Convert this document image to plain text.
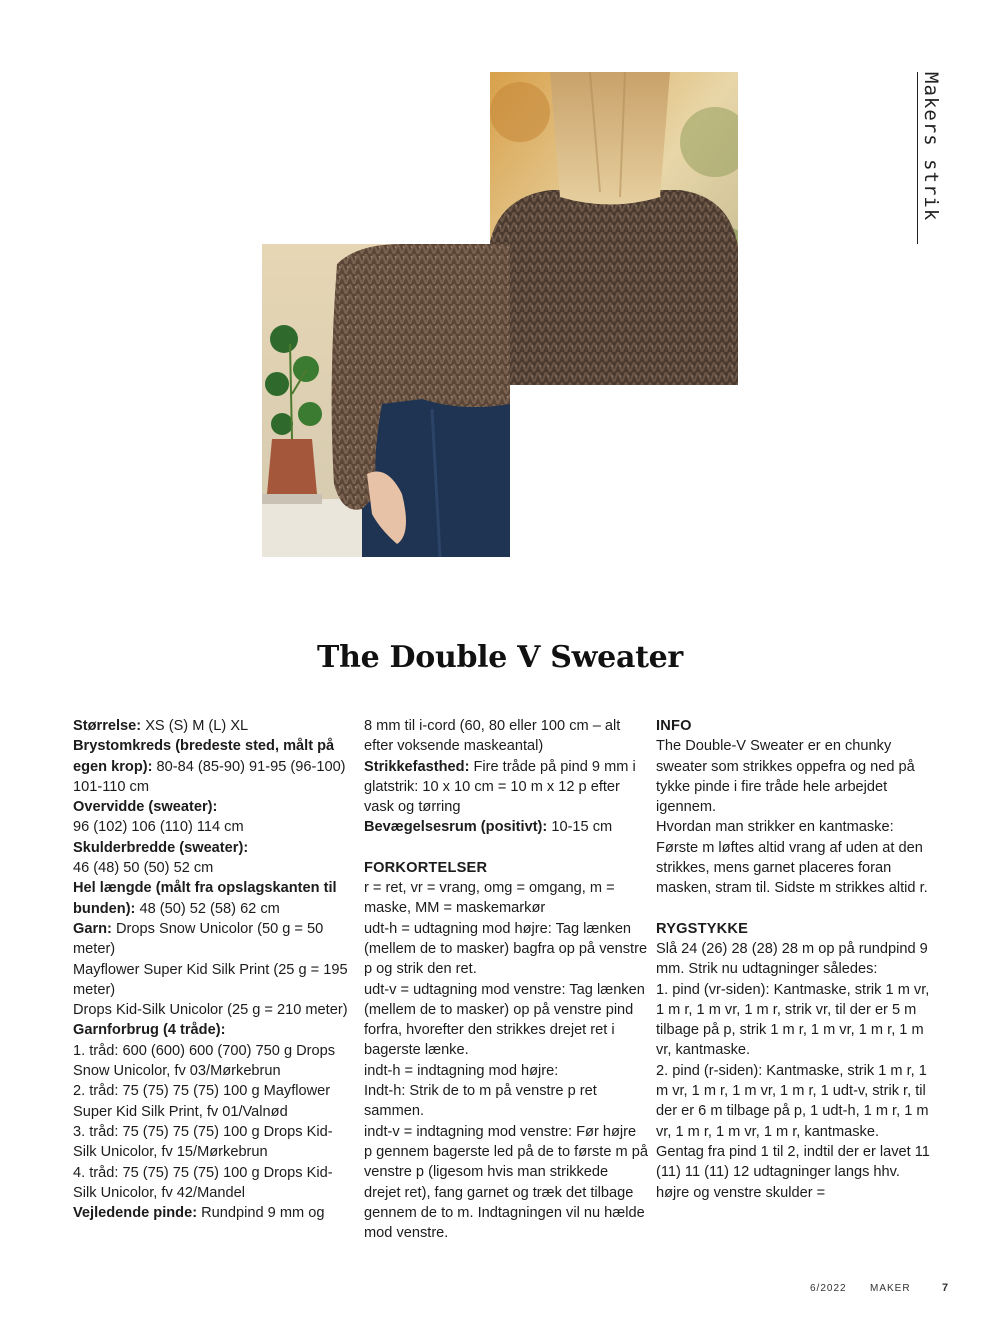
Makers strik
The Double V Sweater

Størrelse: XS (S) M (L) XL

Brystomkreds (bredeste sted, målt på egen krop): 80-84 (85-90) 91-95 (96-100) 101-110 cm

Overvidde (sweater):

96 (102) 106 (110) 114 cm

Skulderbredde (sweater):

46 (48) 50 (50) 52 cm

Hel længde (målt fra opslagskanten til bunden): 48 (50) 52 (58) 62 cm

Garn: Drops Snow Unicolor (50 g = 50 meter)

Mayflower Super Kid Silk Print (25 g = 195 meter)

Drops Kid-Silk Unicolor (25 g = 210 meter)

Garnforbrug (4 tråde):

1. tråd: 600 (600) 600 (700) 750 g Drops Snow Unicolor, fv 03/Mørkebrun

2. tråd: 75 (75) 75 (75) 100 g Mayflower Super Kid Silk Print, fv 01/Valnød

3. tråd: 75 (75) 75 (75) 100 g Drops Kid-Silk Unicolor, fv 15/Mørkebrun

4. tråd: 75 (75) 75 (75) 100 g Drops Kid-Silk Unicolor, fv 42/Mandel

Vejledende pinde: Rundpind 9 mm og

8 mm til i-cord (60, 80 eller 100 cm – alt efter voksende maskeantal)

Strikkefasthed: Fire tråde på pind 9 mm i glatstrik: 10 x 10 cm = 10 m x 12 p efter vask og tørring

Bevægelsesrum (positivt): 10-15 cm

FORKORTELSER

r = ret, vr = vrang, omg = omgang, m = maske, MM = maskemarkør

udt-h = udtagning mod højre: Tag lænken (mellem de to masker) bagfra op på venstre p og strik den ret.

udt-v = udtagning mod venstre: Tag lænken (mellem de to masker) op på venstre pind forfra, hvorefter den strikkes drejet ret i bagerste lænke.

indt-h = indtagning mod højre:

Indt-h: Strik de to m på venstre p ret sammen.

indt-v = indtagning mod venstre: Før højre p gennem bagerste led på de to første m på venstre p (ligesom hvis man strikkede drejet ret), fang garnet og træk det tilbage gennem de to m. Indtagningen vil nu hælde mod venstre.

INFO

The Double-V Sweater er en chunky sweater som strikkes oppefra og ned på tykke pinde i fire tråde hele arbejdet igennem.

Hvordan man strikker en kantmaske: Første m løftes altid vrang af uden at den strikkes, mens garnet placeres foran masken, stram til. Sidste m strikkes altid r.

RYGSTYKKE

Slå 24 (26) 28 (28) 28 m op på rundpind 9 mm. Strik nu udtagninger således:

1. pind (vr-siden): Kantmaske, strik 1 m vr, 1 m r, 1 m vr, 1 m r, strik vr, til der er 5 m tilbage på p, strik 1 m r, 1 m vr, 1 m r, 1 m vr, kantmaske.

2. pind (r-siden): Kantmaske, strik 1 m r, 1 m vr, 1 m r, 1 m vr, 1 m r, 1 udt-v, strik r, til der er 6 m tilbage på p, 1 udt-h, 1 m r, 1 m vr, 1 m r, 1 m vr, 1 m r, kantmaske.

Gentag fra pind 1 til 2, indtil der er lavet 11 (11) 11 (11) 12 udtagninger langs hhv. højre og venstre skulder =

6/2022 MAKER	7
